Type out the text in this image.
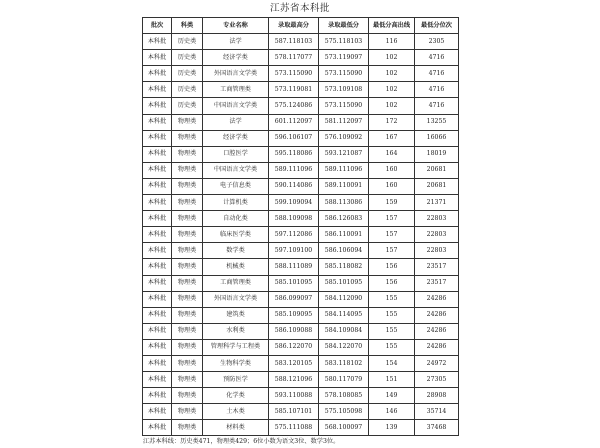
江苏省本科批
批次	科类	专业名称	录取最高分	录取最低分	最低分高出线	最低分位次
本科批	历史类	法学	587.118103	575.118103	116	2305
本科批	历史类	经济学类	578.117077	573.119097	102	4716
本科批	历史类	外国语言文学类	573.115090	573.115090	102	4716
本科批	历史类	工商管理类	573.119081	573.109108	102	4716
本科批	历史类	中国语言文学类	575.124086	573.115090	102	4716
本科批	物理类	法学	601.112097	581.112097	172	13255
本科批	物理类	经济学类	596.106107	576.109092	167	16066
本科批	物理类	口腔医学	595.118086	593.121087	164	18019
本科批	物理类	中国语言文学类	589.111096	589.111096	160	20681
本科批	物理类	电子信息类	590.114086	589.110091	160	20681
本科批	物理类	计算机类	599.109094	588.113086	159	21371
本科批	物理类	自动化类	588.109098	586.126083	157	22803
本科批	物理类	临床医学类	597.112086	586.110091	157	22803
本科批	物理类	数学类	597.109100	586.106094	157	22803
本科批	物理类	机械类	588.111089	585.118082	156	23517
本科批	物理类	工商管理类	585.101095	585.101095	156	23517
本科批	物理类	外国语言文学类	586.099097	584.112090	155	24286
本科批	物理类	建筑类	585.109095	584.114095	155	24286
本科批	物理类	水利类	586.109088	584.109084	155	24286
本科批	物理类	管理科学与工程类	586.122070	584.122070	155	24286
本科批	物理类	生物科学类	583.120105	583.118102	154	24972
本科批	物理类	预防医学	588.121096	580.117079	151	27305
本科批	物理类	化学类	593.110088	578.108085	149	28908
本科批	物理类	土木类	585.107101	575.105098	146	35714
本科批	物理类	材料类	575.111088	568.100097	139	37468
江苏本科线：历史类471，物理类429；6位小数为语文3位、数学3位。
